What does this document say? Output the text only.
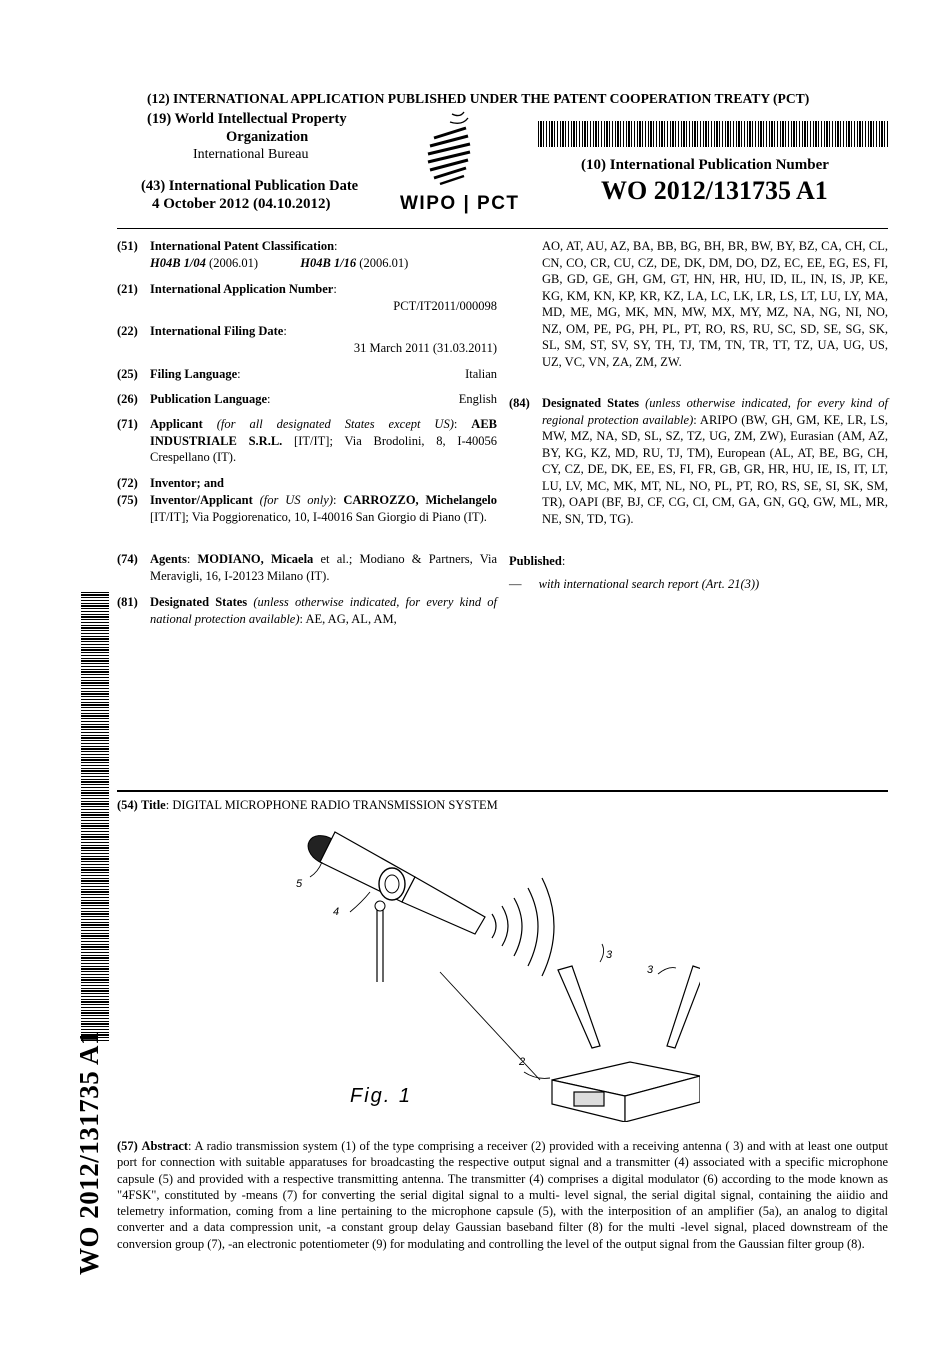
(12) INTERNATIONAL APPLICATION PUBLISHED UNDER THE PATENT COOPERATION TREATY (PCT)
(19) World Intellectual Property
Organization
International Bureau
(43) International Publication Date
4 October 2012 (04.10.2012)	WIPO | PCT
(10) International Publication Number
WO 2012/131735 A1
(51) International Patent Classification:
H04B 1/04 (2006.01)	H04B 1/16 (2006.01)
(21) International Application Number:
PCT/IT2011/000098
(22) International Filing Date:
31 March 2011 (31.03.2011)
(25) Filing Language:	Italian
(26) Publication Language:	English
(71) Applicant (for all designated States except US): AEB INDUSTRIALE S.R.L. [IT/IT]; Via Brodolini, 8, I-40056 Crespellano (IT).
(72) Inventor; and
(75) Inventor/Applicant (for US only): CARROZZO, Michelangelo [IT/IT]; Via Poggiorenatico, 10, I-40016 San Giorgio di Piano (IT).
(74) Agents: MODIANO, Micaela et al.; Modiano & Partners, Via Meravigli, 16, I-20123 Milano (IT).
(81) Designated States (unless otherwise indicated, for every kind of national protection available): AE, AG, AL, AM,
AO, AT, AU, AZ, BA, BB, BG, BH, BR, BW, BY, BZ, CA, CH, CL, CN, CO, CR, CU, CZ, DE, DK, DM, DO, DZ, EC, EE, EG, ES, FI, GB, GD, GE, GH, GM, GT, HN, HR, HU, ID, IL, IN, IS, JP, KE, KG, KM, KN, KP, KR, KZ, LA, LC, LK, LR, LS, LT, LU, LY, MA, MD, ME, MG, MK, MN, MW, MX, MY, MZ, NA, NG, NI, NO, NZ, OM, PE, PG, PH, PL, PT, RO, RS, RU, SC, SD, SE, SG, SK, SL, SM, ST, SV, SY, TH, TJ, TM, TN, TR, TT, TZ, UA, UG, US, UZ, VC, VN, ZA, ZM, ZW.
(84) Designated States (unless otherwise indicated, for every kind of regional protection available): ARIPO (BW, GH, GM, KE, LR, LS, MW, MZ, NA, SD, SL, SZ, TZ, UG, ZM, ZW), Eurasian (AM, AZ, BY, KG, KZ, MD, RU, TJ, TM), European (AL, AT, BE, BG, CH, CY, CZ, DE, DK, EE, ES, FI, FR, GB, GR, HR, HU, IE, IS, IT, LT, LU, LV, MC, MK, MT, NL, NO, PL, PT, RO, RS, SE, SI, SK, SM, TR), OAPI (BF, BJ, CF, CG, CI, CM, GA, GN, GQ, GW, ML, MR, NE, SN, TD, TG).
Published:
— with international search report (Art. 21(3))
(54) Title: DIGITAL MICROPHONE RADIO TRANSMISSION SYSTEM
5
4
3
3
2
Fig. 1
(57) Abstract: A radio transmission system (1) of the type comprising a receiver (2) provided with a receiving antenna ( 3) and with at least one output port for connection with suitable apparatuses for broadcasting the respective output signal and a transmitter (4) associated with a specific microphone capsule (5) and provided with a respective transmitting antenna. The transmitter (4) comprises a digital modulator (6) according to the mode known as "4FSK", constituted by -means (7) for converting the serial digital signal to a multi- level signal, the serial digital signal, containing the aiidio and telemetry information, coming from a line pertaining to the microphone capsule (5), with the interposition of an amplifier (5a), an analog to digital converter and a data compression unit, -a constant group delay Gaussian baseband filter (8) for the multi -level signal, placed downstream of the conversion group (7), -an electronic potentiometer (9) for modulating and controlling the level of the output signal from the Gaussian filter group (8).
WO 2012/131735 A1
